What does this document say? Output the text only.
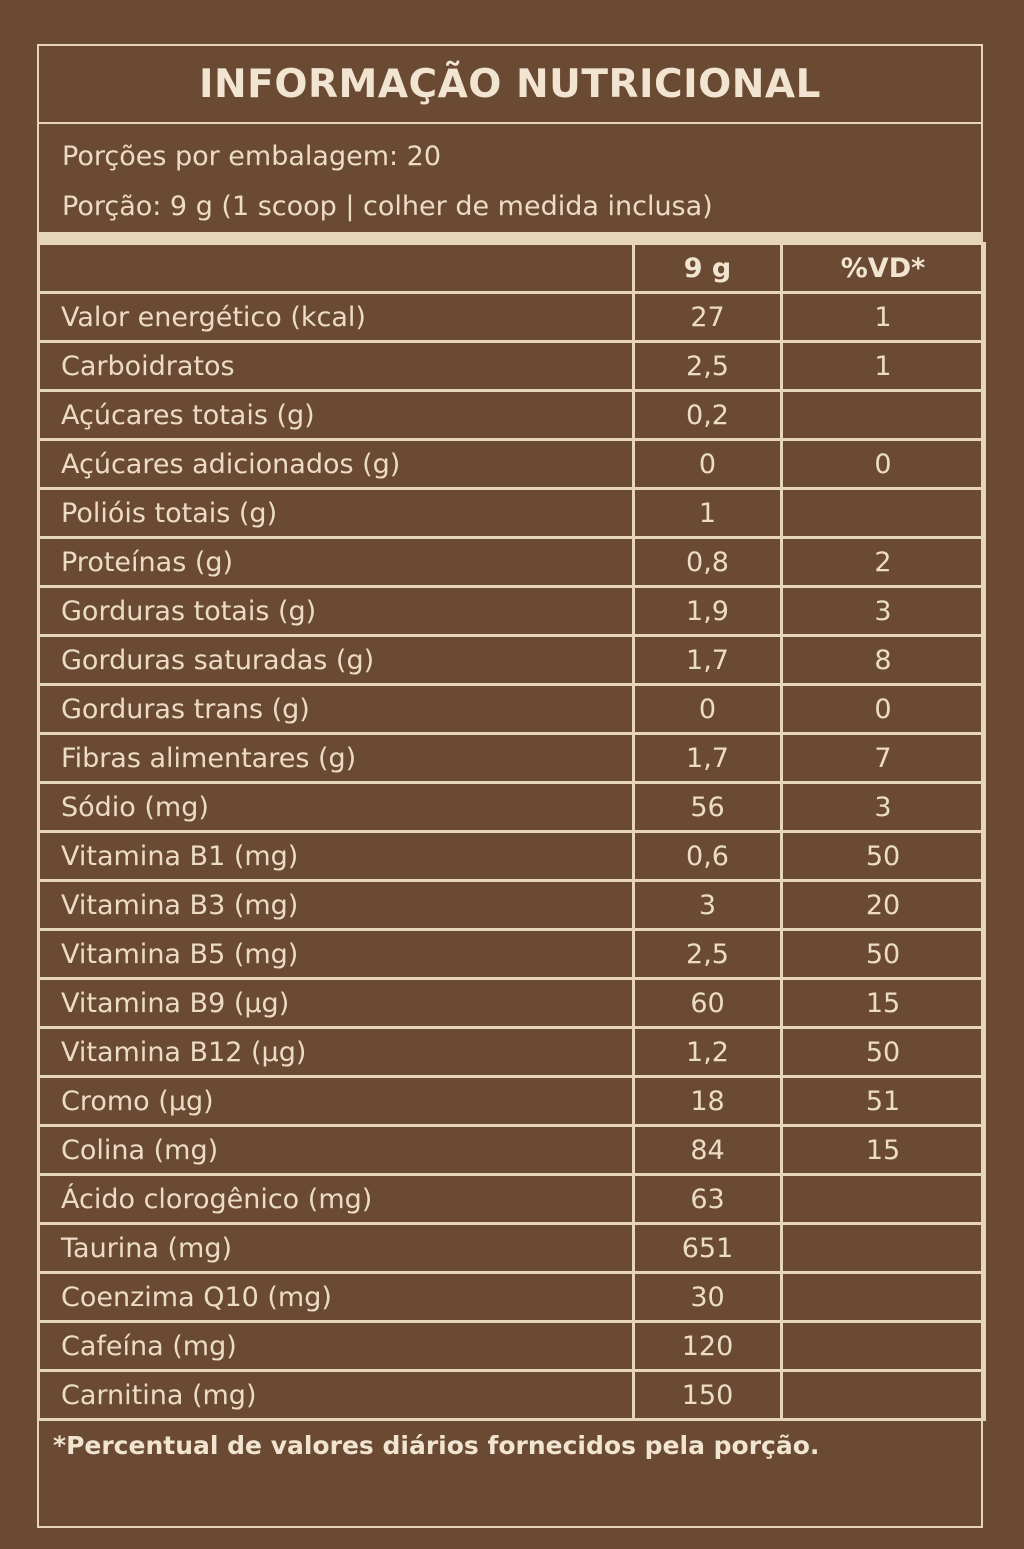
INFORMAÇÃO NUTRICIONAL
Porções por embalagem: 20
Porção: 9 g (1 scoop | colher de medida inclusa)
	9 g	%VD*
Valor energético (kcal)	27	1
Carboidratos	2,5	1
Açúcares totais (g)	0,2	
Açúcares adicionados (g)	0	0
Polióis totais (g)	1	
Proteínas (g)	0,8	2
Gorduras totais (g)	1,9	3
Gorduras saturadas (g)	1,7	8
Gorduras trans (g)	0	0
Fibras alimentares (g)	1,7	7
Sódio (mg)	56	3
Vitamina B1 (mg)	0,6	50
Vitamina B3 (mg)	3	20
Vitamina B5 (mg)	2,5	50
Vitamina B9 (μg)	60	15
Vitamina B12 (μg)	1,2	50
Cromo (μg)	18	51
Colina (mg)	84	15
Ácido clorogênico (mg)	63	
Taurina (mg)	651	
Coenzima Q10 (mg)	30	
Cafeína (mg)	120	
Carnitina (mg)	150	
*Percentual de valores diários fornecidos pela porção.
